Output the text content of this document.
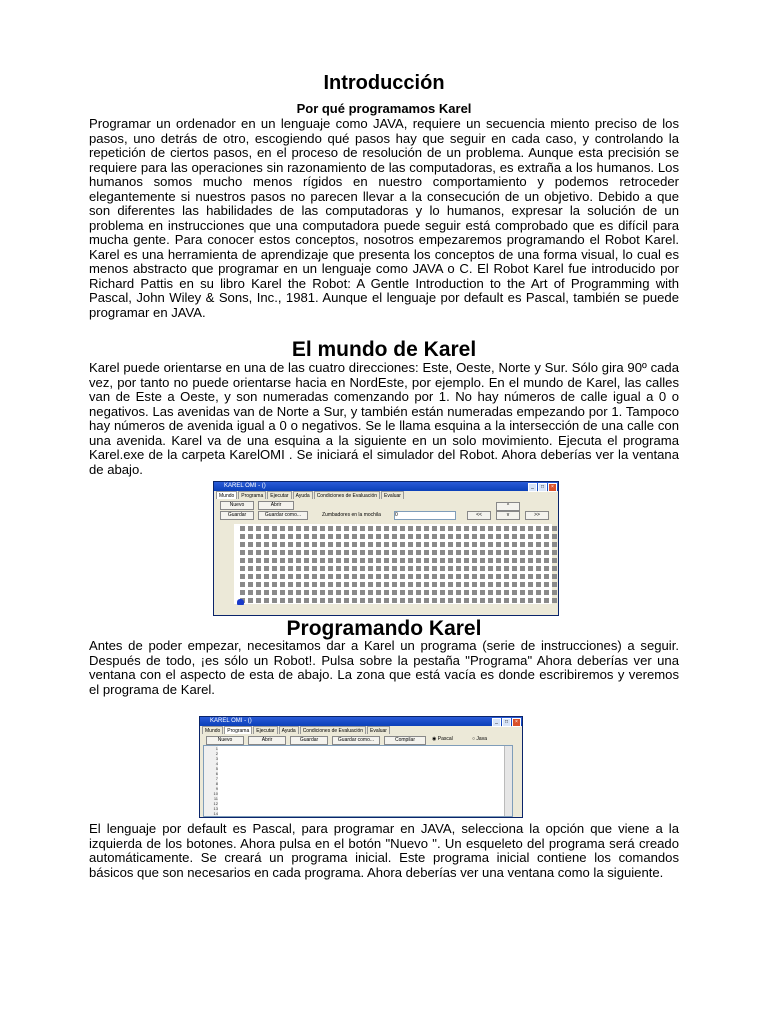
Introducción
Por qué programamos Karel

Programar un ordenador en un lenguaje como JAVA, requiere un secuencia miento preciso de los pasos, uno detrás de otro, escogiendo qué pasos hay que seguir en cada caso, y controlando la repetición de ciertos pasos, en el proceso de resolución de un problema. Aunque esta precisión se requiere para las operaciones sin razonamiento de las computadoras, es extraña a los humanos. Los humanos somos mucho menos rígidos en nuestro comportamiento y podemos retroceder elegantemente si nuestros pasos no parecen llevar a la consecución de un objetivo. Debido a que son diferentes las habilidades de las computadoras y lo humanos, expresar la solución de un problema en instrucciones que una computadora puede seguir está comprobado que es difícil para mucha gente. Para conocer estos conceptos, nosotros empezaremos programando el Robot Karel. Karel es una herramienta de aprendizaje que presenta los conceptos de una forma visual, lo cual es menos abstracto que programar en un lenguaje como JAVA o C. El Robot Karel fue introducido por Richard Pattis en su libro Karel the Robot: A Gentle Introduction to the Art of Programming with Pascal, John Wiley & Sons, Inc., 1981. Aunque el lenguaje por default es Pascal, también se puede programar en JAVA.

El mundo de Karel

Karel puede orientarse en una de las cuatro direcciones: Este, Oeste, Norte y Sur. Sólo gira 90º cada vez, por tanto no puede orientarse hacia en NordEste, por ejemplo. En el mundo de Karel, las calles van de Este a Oeste, y son numeradas comenzando por 1. No hay números de calle igual a 0 o negativos. Las avenidas van de Norte a Sur, y también están numeradas empezando por 1. Tampoco hay números de avenida igual a 0 o negativos. Se le llama esquina a la intersección de una calle con una avenida. Karel va de una esquina a la siguiente en un solo movimiento. Ejecuta el programa Karel.exe de la carpeta KarelOMI . Se iniciará el simulador del Robot. Ahora deberías ver la ventana de abajo.

Programando Karel

Antes de poder empezar, necesitamos dar a Karel un programa (serie de instrucciones) a seguir. Después de todo, ¡es sólo un Robot!. Pulsa sobre la pestaña "Programa" Ahora deberías ver una ventana con el aspecto de esta de abajo. La zona que está vacía es donde escribiremos y veremos el programa de Karel.

El lenguaje por default es Pascal, para programar en JAVA, selecciona la opción que viene a la izquierda de los botones. Ahora pulsa en el botón "Nuevo ". Un esqueleto del programa será creado automáticamente. Se creará un programa inicial. Este programa inicial contiene los comandos básicos que son necesarios en cada programa. Ahora deberías ver una ventana como la siguiente.

KAREL OMI - ()	_	□	×
Mundo	Programa	Ejecutar	Ayuda	Condiciones de Evaluación	Evaluar
Nuevo	Abrir
Guardar	Guardar como...	Zumbadores en la mochila	0	<<
^
v	>>
KAREL OMI - ()	_	□	×
Mundo	Programa	Ejecutar	Ayuda	Condiciones de Evaluación	Evaluar
Nuevo	Abrir	Guardar	Guardar como...	Compilar	◉ Pascal	○ Java
1
2
3
4
5
6
7
8
9
10
11
12
13
14
